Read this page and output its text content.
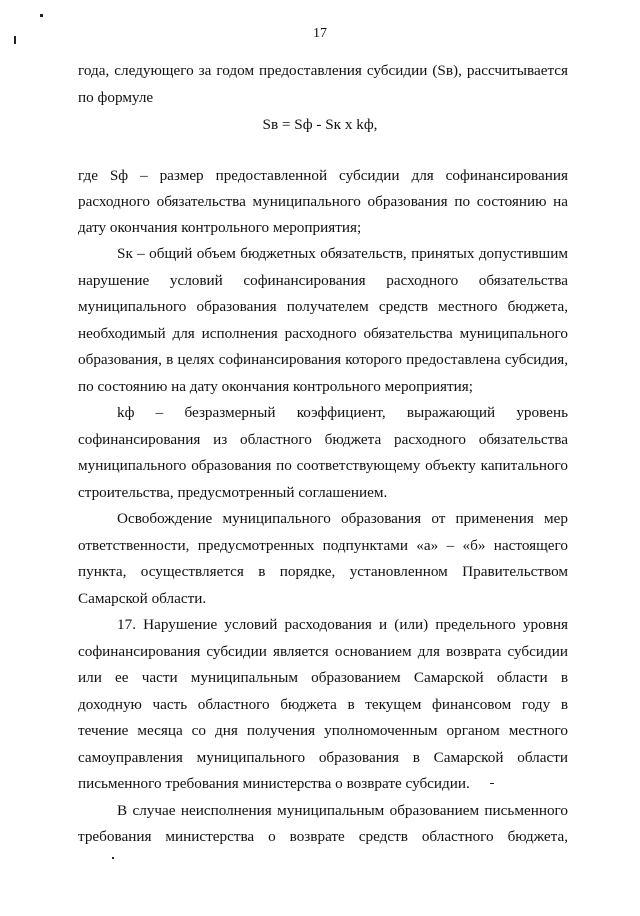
17
года, следующего за годом предоставления субсидии (Sв), рассчитывается
по формуле
Sв = Sф - Sк х kф,
где Sф – размер предоставленной субсидии для софинансирования
расходного обязательства муниципального образования по состоянию на
дату окончания контрольного мероприятия;
Sк – общий объем бюджетных обязательств, принятых допустившим
нарушение условий софинансирования расходного обязательства
муниципального образования получателем средств местного бюджета,
необходимый для исполнения расходного обязательства муниципального
образования, в целях софинансирования которого предоставлена субсидия,
по состоянию на дату окончания контрольного мероприятия;
kф – безразмерный коэффициент, выражающий уровень
софинансирования из областного бюджета расходного обязательства
муниципального образования по соответствующему объекту капитального
строительства, предусмотренный соглашением.
Освобождение муниципального образования от применения мер
ответственности, предусмотренных подпунктами «а» – «б» настоящего
пункта, осуществляется в порядке, установленном Правительством
Самарской области.
17. Нарушение условий расходования и (или) предельного уровня
софинансирования субсидии является основанием для возврата субсидии
или ее части муниципальным образованием Самарской области в
доходную часть областного бюджета в текущем финансовом году в
течение месяца со дня получения уполномоченным органом местного
самоуправления муниципального образования в Самарской области
письменного требования министерства о возврате субсидии.
В случае неисполнения муниципальным образованием письменного
требования министерства о возврате средств областного бюджета,
